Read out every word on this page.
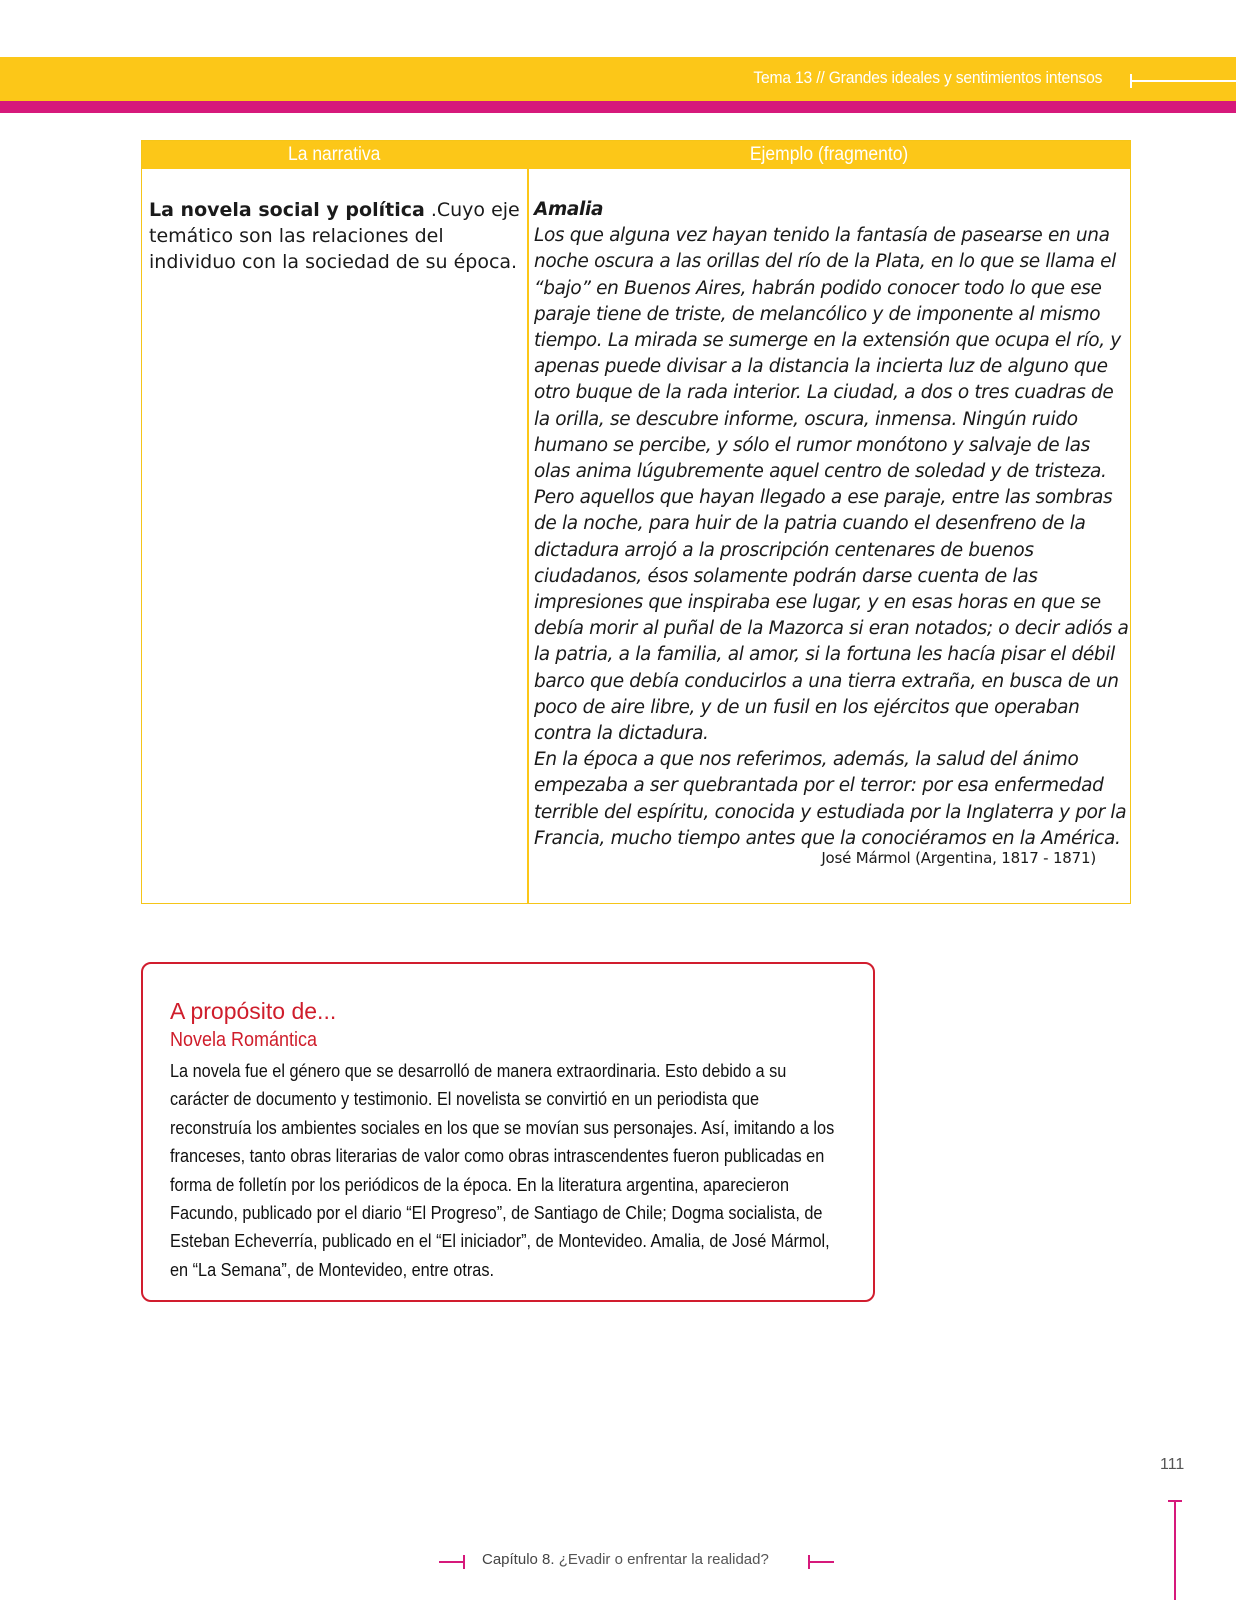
Tema 13 // Grandes ideales y sentimientos intensos
La narrativa	Ejemplo (fragmento)
La novela social y política .Cuyo eje temático son las relaciones del individuo con la sociedad de su época.
Amalia
Los que alguna vez hayan tenido la fantasía de pasearse en una noche oscura a las orillas del río de la Plata, en lo que se llama el “bajo” en Buenos Aires, habrán podido conocer todo lo que ese paraje tiene de triste, de melancólico y de imponente al mismo tiempo. La mirada se sumerge en la extensión que ocupa el río, y apenas puede divisar a la distancia la incierta luz de alguno que otro buque de la rada interior. La ciudad, a dos o tres cuadras de la orilla, se descubre informe, oscura, inmensa. Ningún ruido humano se percibe, y sólo el rumor monótono y salvaje de las olas anima lúgubremente aquel centro de soledad y de tristeza.
Pero aquellos que hayan llegado a ese paraje, entre las sombras de la noche, para huir de la patria cuando el desenfreno de la dictadura arrojó a la proscripción centenares de buenos ciudadanos, ésos solamente podrán darse cuenta de las impresiones que inspiraba ese lugar, y en esas horas en que se debía morir al puñal de la Mazorca si eran notados; o decir adiós a la patria, a la familia, al amor, si la fortuna les hacía pisar el débil barco que debía conducirlos a una tierra extraña, en busca de un poco de aire libre, y de un fusil en los ejércitos que operaban contra la dictadura.
En la época a que nos referimos, además, la salud del ánimo empezaba a ser quebrantada por el terror: por esa enfermedad terrible del espíritu, conocida y estudiada por la Inglaterra y por la Francia, mucho tiempo antes que la conociéramos en la América.
José Mármol (Argentina, 1817 - 1871)
A propósito de...
Novela Romántica
La novela fue el género que se desarrolló de manera extraordinaria. Esto debido a su carácter de documento y testimonio. El novelista se convirtió en un periodista que reconstruía los ambientes sociales en los que se movían sus personajes. Así, imitando a los franceses, tanto obras literarias de valor como obras intrascendentes fueron publicadas en forma de folletín por los periódicos de la época. En la literatura argentina, aparecieron Facundo, publicado por el diario “El Progreso”, de Santiago de Chile; Dogma socialista, de Esteban Echeverría, publicado en el “El iniciador”, de Montevideo. Amalia, de José Mármol, en “La Semana”, de Montevideo, entre otras.
111
Capítulo 8. ¿Evadir o enfrentar la realidad?
